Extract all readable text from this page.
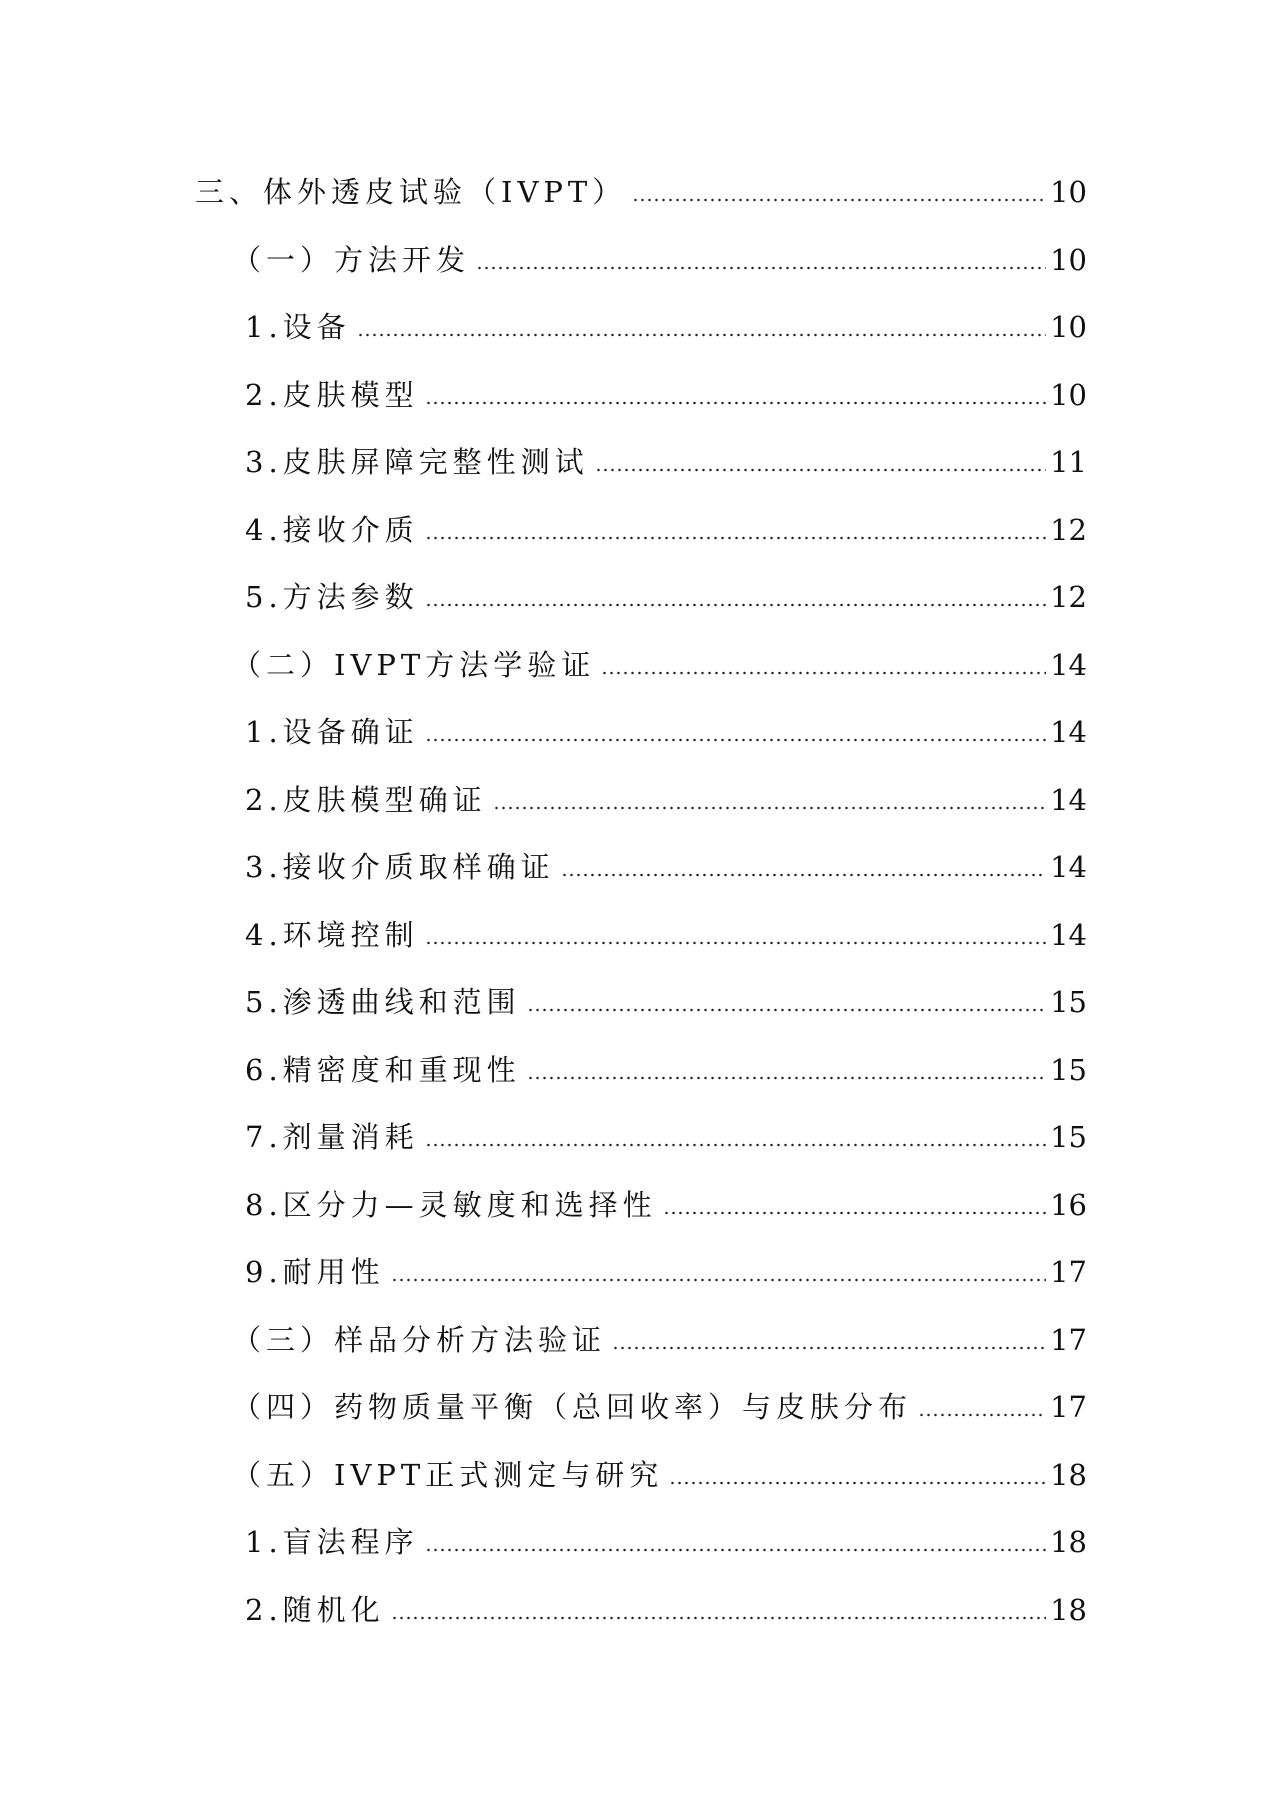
三、体外透皮试验（IVPT）	10
（一）方法开发	10
1.设备	10
2.皮肤模型	10
3.皮肤屏障完整性测试	11
4.接收介质	12
5.方法参数	12
（二）IVPT方法学验证	14
1.设备确证	14
2.皮肤模型确证	14
3.接收介质取样确证	14
4.环境控制	14
5.渗透曲线和范围	15
6.精密度和重现性	15
7.剂量消耗	15
8.区分力—灵敏度和选择性	16
9.耐用性	17
（三）样品分析方法验证	17
（四）药物质量平衡（总回收率）与皮肤分布	17
（五）IVPT正式测定与研究	18
1.盲法程序	18
2.随机化	18
